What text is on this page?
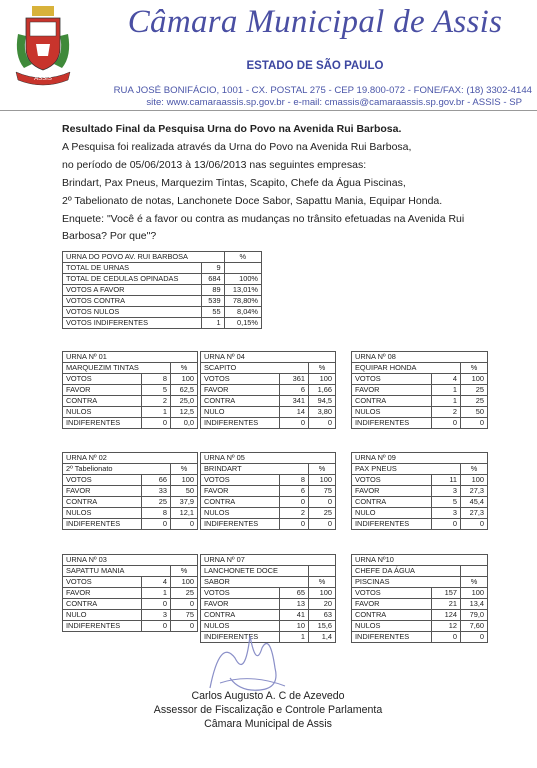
ASSIS
Câmara Municipal de Assis
ESTADO DE SÃO PAULO
RUA JOSÉ BONIFÁCIO, 1001 - CX. POSTAL 275 - CEP 19.800-072 - FONE/FAX: (18) 3302-4144
site: www.camaraassis.sp.gov.br - e-mail: cmassis@camaraassis.sp.gov.br - ASSIS - SP
Resultado Final da Pesquisa Urna do Povo na Avenida Rui Barbosa.
A Pesquisa foi realizada através da Urna do Povo na Avenida Rui Barbosa,
no período de 05/06/2013 à 13/06/2013 nas seguintes empresas:
Brindart, Pax Pneus, Marquezim Tintas, Scapito, Chefe da Água Piscinas,
2º Tabelionato de notas, Lanchonete Doce Sabor, Sapattu Mania, Equipar Honda.
Enquete: "Você é a favor ou contra as mudanças no trânsito efetuadas na Avenida Rui
Barbosa? Por que"?
URNA DO POVO AV. RUI BARBOSA		%
TOTAL DE URNAS	9	
TOTAL DE CEDULAS OPINADAS	684	100%
VOTOS A FAVOR	89	13,01%
VOTOS CONTRA	539	78,80%
VOTOS NULOS	55	8,04%
VOTOS INDIFERENTES	1	0,15%
URNA Nº 01		
MARQUEZIM TINTAS		%
VOTOS	8	100
FAVOR	5	62,5
CONTRA	2	25,0
NULOS	1	12,5
INDIFERENTES	0	0,0
URNA Nº 04		
SCAPITO		%
VOTOS	361	100
FAVOR	6	1,66
CONTRA	341	94,5
NULO	14	3,80
INDIFERENTES	0	0
URNA Nº 08		
EQUIPAR HONDA		%
VOTOS	4	100
FAVOR	1	25
CONTRA	1	25
NULOS	2	50
INDIFERENTES	0	0
URNA Nº 02		
2º Tabelionato		%
VOTOS	66	100
FAVOR	33	50
CONTRA	25	37,9
NULOS	8	12,1
INDIFERENTES	0	0
URNA Nº 05		
BRINDART		%
VOTOS	8	100
FAVOR	6	75
CONTRA	0	0
NULOS	2	25
INDIFERENTES	0	0
URNA Nº 09		
PAX PNEUS		%
VOTOS	11	100
FAVOR	3	27,3
CONTRA	5	45,4
NULO	3	27,3
INDIFERENTES	0	0
URNA Nº 03		
SAPATTU MANIA		%
VOTOS	4	100
FAVOR	1	25
CONTRA	0	0
NULO	3	75
INDIFERENTES	0	0
URNA Nº 07		
LANCHONETE DOCE		
SABOR		%
VOTOS	65	100
FAVOR	13	20
CONTRA	41	63
NULOS	10	15,6
INDIFERENTES	1	1,4
URNA Nº10		
CHEFE DA ÁGUA		
PISCINAS		%
VOTOS	157	100
FAVOR	21	13,4
CONTRA	124	79,0
NULOS	12	7,60
INDIFERENTES	0	0
Carlos Augusto A. C de Azevedo
Assessor de Fiscalização e Controle Parlamenta
Câmara Municipal de Assis
